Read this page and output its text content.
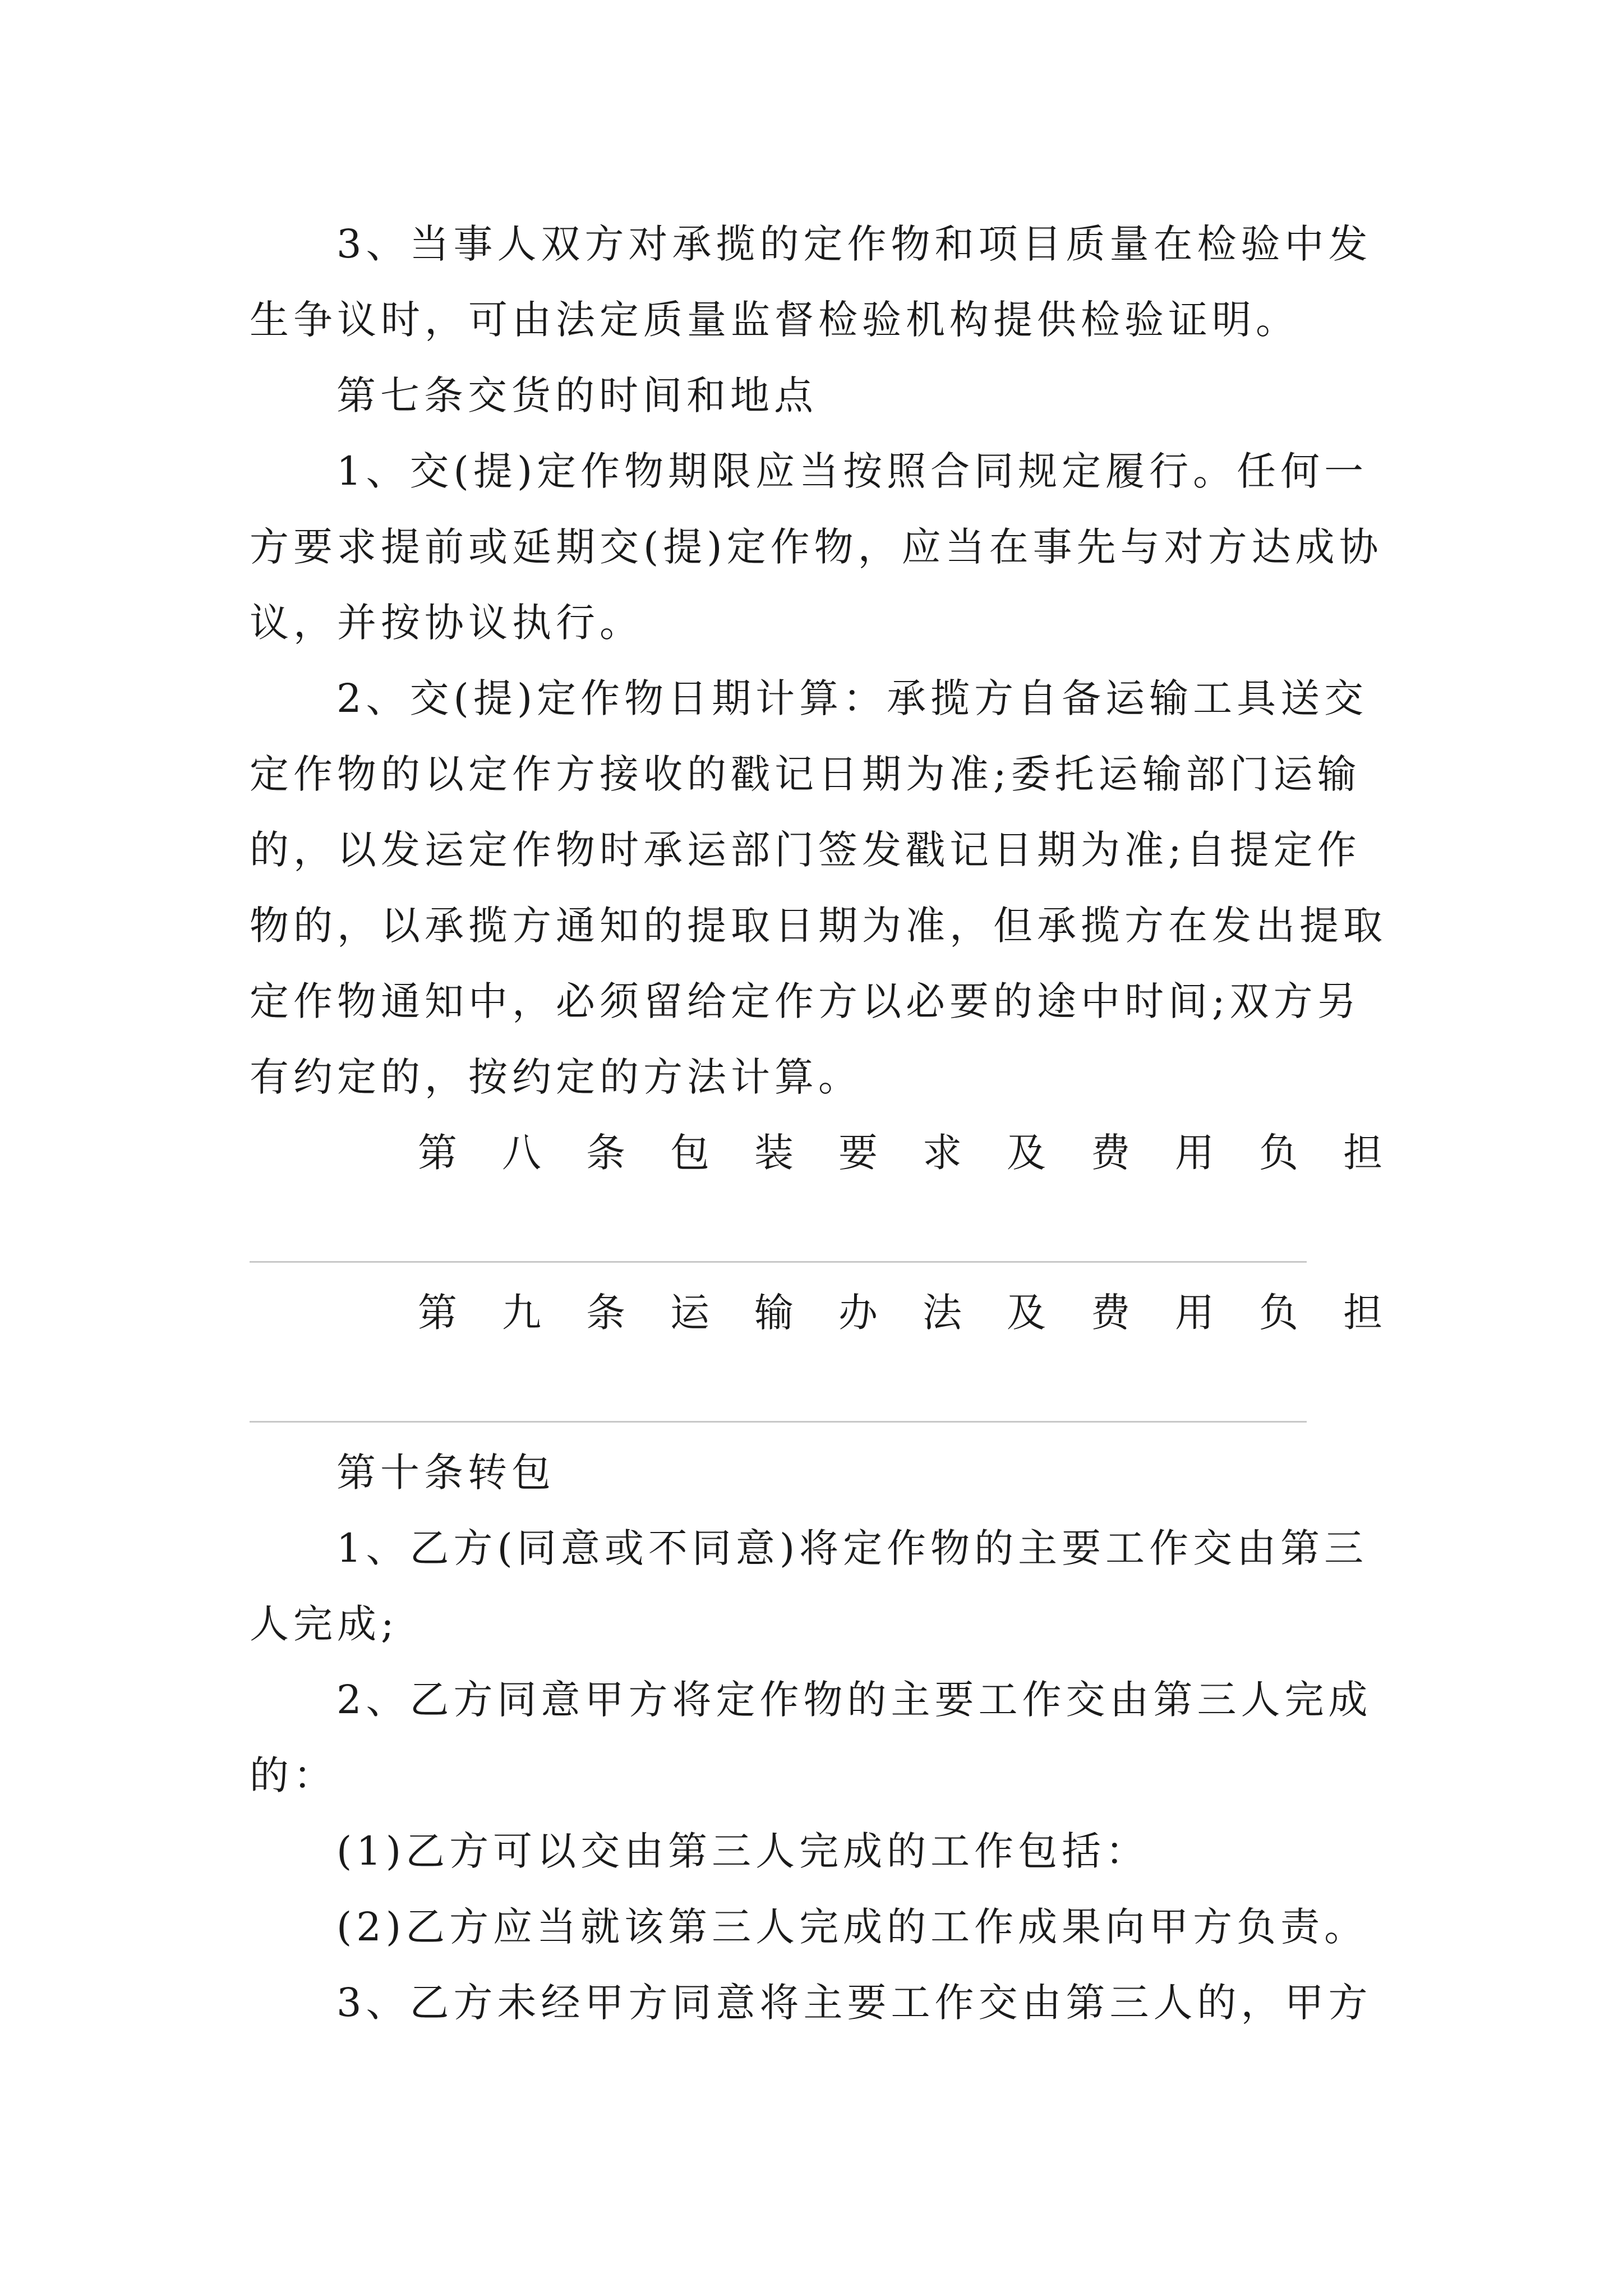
3、当事人双方对承揽的定作物和项目质量在检验中发
生争议时，可由法定质量监督检验机构提供检验证明。
第七条交货的时间和地点
1、交(提)定作物期限应当按照合同规定履行。任何一
方要求提前或延期交(提)定作物，应当在事先与对方达成协
议，并按协议执行。
2、交(提)定作物日期计算：承揽方自备运输工具送交
定作物的以定作方接收的戳记日期为准;委托运输部门运输
的，以发运定作物时承运部门签发戳记日期为准;自提定作
物的，以承揽方通知的提取日期为准，但承揽方在发出提取
定作物通知中，必须留给定作方以必要的途中时间;双方另
有约定的，按约定的方法计算。
第 八 条 包 装 要 求 及 费 用 负 担
第 九 条 运 输 办 法 及 费 用 负 担
第十条转包
1、乙方(同意或不同意)将定作物的主要工作交由第三
人完成;
2、乙方同意甲方将定作物的主要工作交由第三人完成
的：
(1)乙方可以交由第三人完成的工作包括：
(2)乙方应当就该第三人完成的工作成果向甲方负责。
3、乙方未经甲方同意将主要工作交由第三人的，甲方
